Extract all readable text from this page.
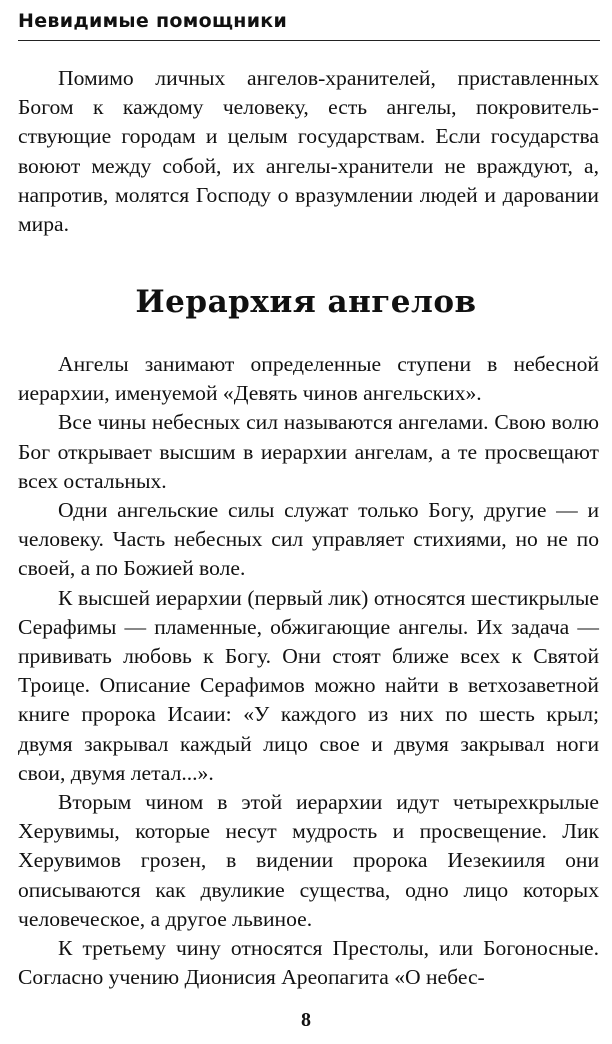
Невидимые помощники

Помимо личных ангелов-хранителей, приставленных Богом к каждому человеку, есть ангелы, покровительствующие городам и целым государствам. Если государства воюют между собой, их ангелы-хранители не враждуют, а, напротив, молятся Господу о вразумлении людей и даровании мира.

Иерархия ангелов

Ангелы занимают определенные ступени в небесной иерархии, именуемой «Девять чинов ангельских».

Все чины небесных сил называются ангелами. Свою волю Бог открывает высшим в иерархии ангелам, а те просвещают всех остальных.

Одни ангельские силы служат только Богу, другие — и человеку. Часть небесных сил управляет стихиями, но не по своей, а по Божией воле.

К высшей иерархии (первый лик) относятся шестикрылые Серафимы — пламенные, обжигающие ангелы. Их задача — прививать любовь к Богу. Они стоят ближе всех к Святой Троице. Описание Серафимов можно найти в ветхозаветной книге пророка Исаии: «У каждого из них по шесть крыл; двумя закрывал каждый лицо свое и двумя закрывал ноги свои, двумя летал...».

Вторым чином в этой иерархии идут четырехкрылые Херувимы, которые несут мудрость и просвещение. Лик Херувимов грозен, в видении пророка Иезекииля они описываются как двуликие существа, одно лицо которых человеческое, а другое львиное.

К третьему чину относятся Престолы, или Богоносные. Согласно учению Дионисия Ареопагита «О небес-

8
